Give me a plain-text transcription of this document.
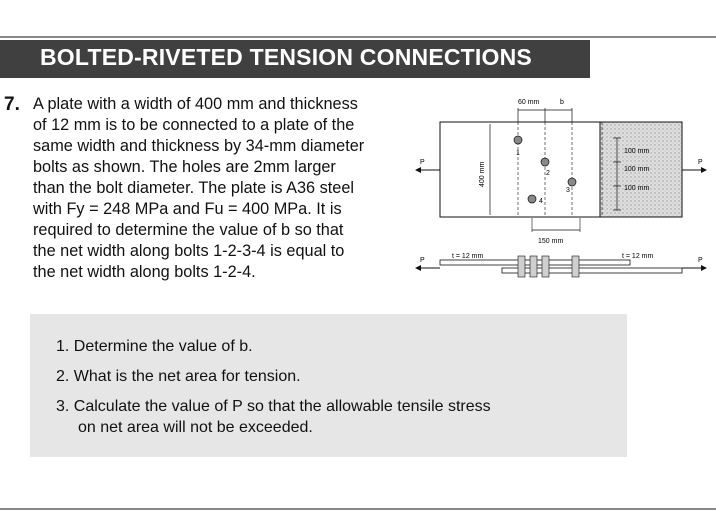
BOLTED-RIVETED TENSION CONNECTIONS
7. A plate with a width of 400 mm and thickness
of 12 mm is to be connected to a plate of the
same width and thickness by 34-mm diameter
bolts as shown. The holes are 2mm larger
than the bolt diameter. The plate is A36 steel
with Fy = 248 MPa and Fu = 400 MPa. It is
required to determine the value of b so that
the net width along bolts 1-2-3-4 is equal to
the net width along bolts 1-2-4.
60 mm	b
400 mm
P	P
1
2
3
4
150 mm
100 mm
100 mm
100 mm
P	P
t = 12 mm	t = 12 mm
1. Determine the value of b.
2. What is the net area for tension.
3. Calculate the value of P so that the allowable tensile stress
on net area will not be exceeded.
